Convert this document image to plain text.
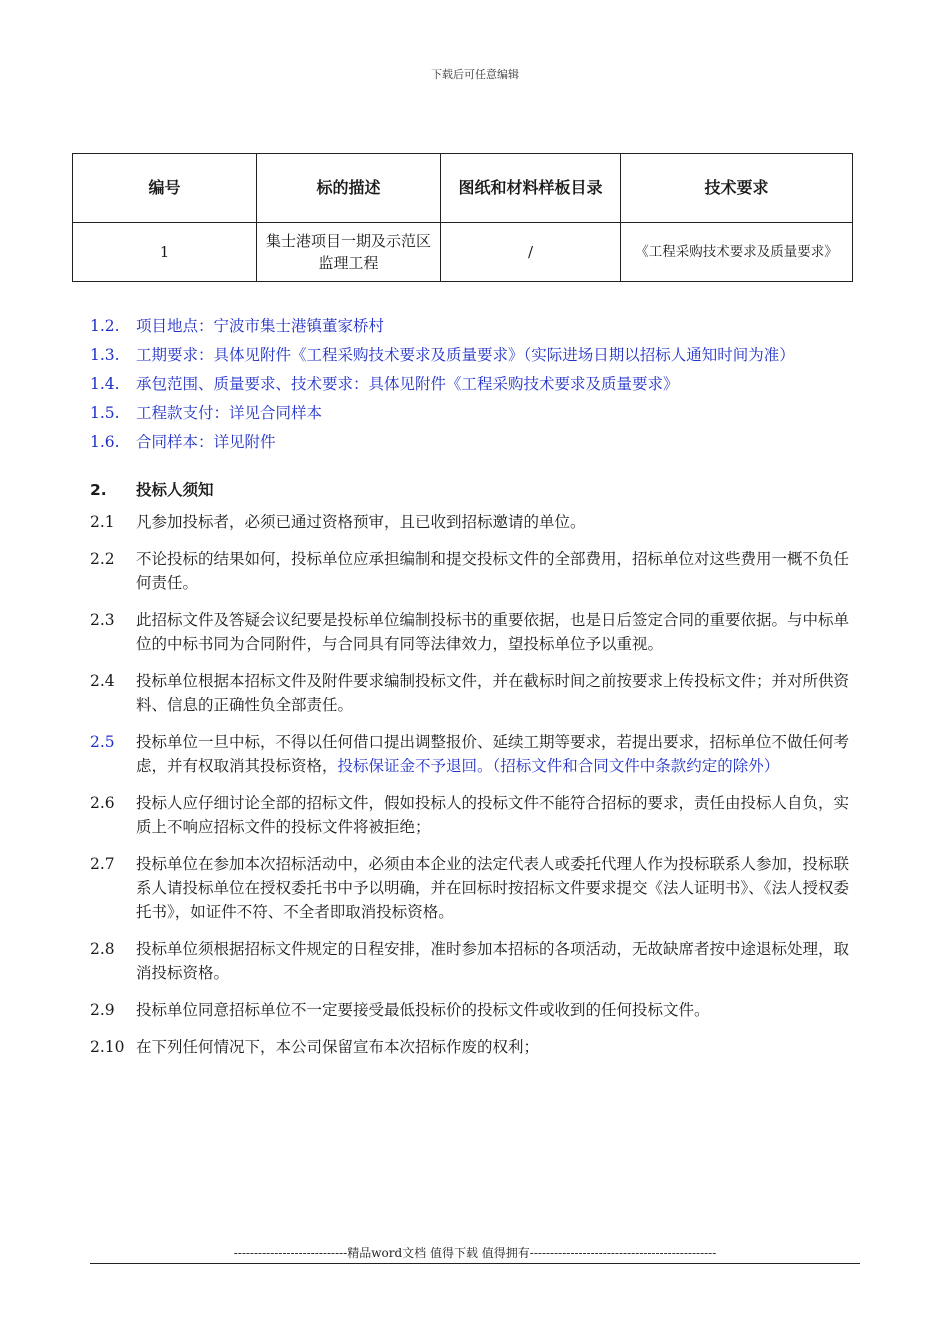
下载后可任意编辑
编号	标的描述	图纸和材料样板目录	技术要求
1	集士港项目一期及示范区监理工程	/	《工程采购技术要求及质量要求》
1.2.	项目地点：宁波市集士港镇董家桥村
1.3.	工期要求：具体见附件《工程采购技术要求及质量要求》（实际进场日期以招标人通知时间为准）
1.4.	承包范围、质量要求、技术要求：具体见附件《工程采购技术要求及质量要求》
1.5.	工程款支付：详见合同样本
1.6.	合同样本：详见附件
2.	投标人须知
2.1	凡参加投标者，必须已通过资格预审，且已收到招标邀请的单位。
2.2	不论投标的结果如何，投标单位应承担编制和提交投标文件的全部费用，招标单位对这些费用一概不负任何责任。
2.3	此招标文件及答疑会议纪要是投标单位编制投标书的重要依据，也是日后签定合同的重要依据。与中标单位的中标书同为合同附件，与合同具有同等法律效力，望投标单位予以重视。
2.4	投标单位根据本招标文件及附件要求编制投标文件，并在截标时间之前按要求上传投标文件；并对所供资料、信息的正确性负全部责任。
2.5	投标单位一旦中标，不得以任何借口提出调整报价、延续工期等要求，若提出要求，招标单位不做任何考虑，并有权取消其投标资格，投标保证金不予退回。（招标文件和合同文件中条款约定的除外）
2.6	投标人应仔细讨论全部的招标文件，假如投标人的投标文件不能符合招标的要求，责任由投标人自负，实质上不响应招标文件的投标文件将被拒绝；
2.7	投标单位在参加本次招标活动中，必须由本企业的法定代表人或委托代理人作为投标联系人参加，投标联系人请投标单位在授权委托书中予以明确，并在回标时按招标文件要求提交《法人证明书》、《法人授权委托书》，如证件不符、不全者即取消投标资格。
2.8	投标单位须根据招标文件规定的日程安排，准时参加本招标的各项活动，无故缺席者按中途退标处理，取消投标资格。
2.9	投标单位同意招标单位不一定要接受最低投标价的投标文件或收到的任何投标文件。
2.10 在下列任何情况下，本公司保留宣布本次招标作废的权利；
----------------------------精品word文档 值得下载 值得拥有----------------------------------------------
